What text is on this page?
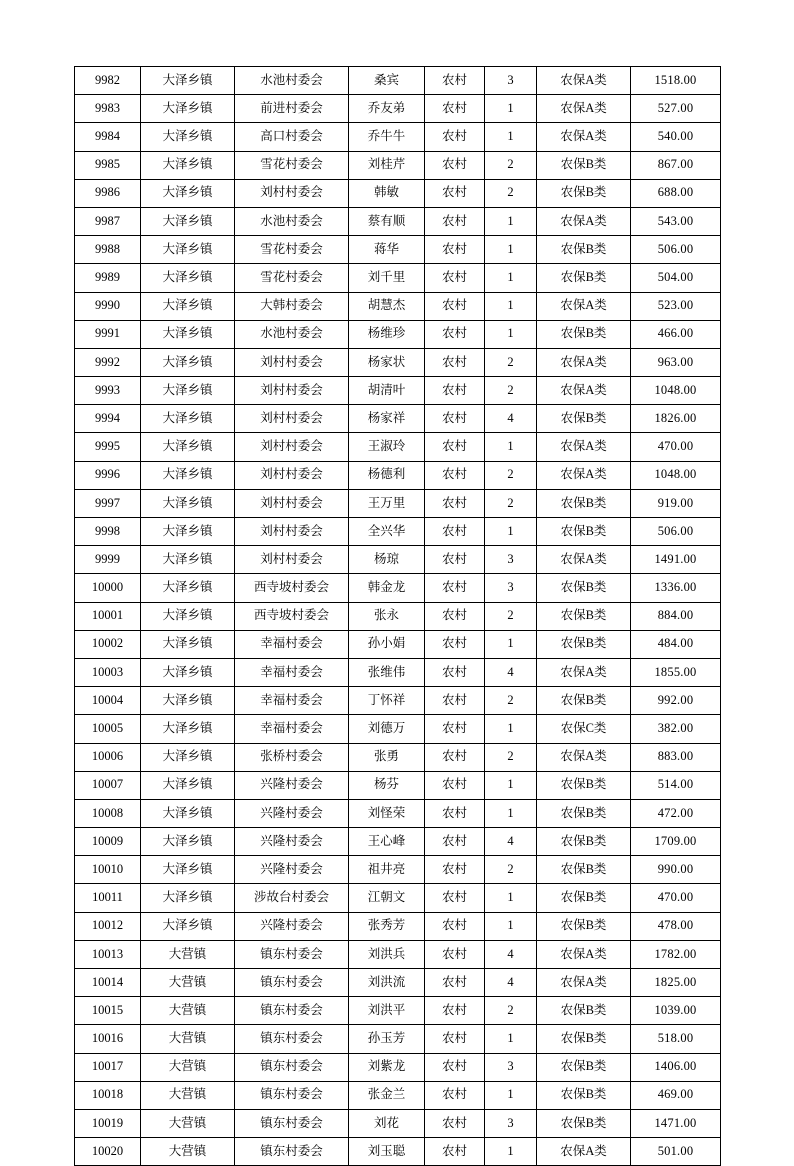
9982	大泽乡镇	水池村委会	桑宾	农村	3	农保A类	1518.00
9983	大泽乡镇	前进村委会	乔友弟	农村	1	农保A类	527.00
9984	大泽乡镇	高口村委会	乔牛牛	农村	1	农保A类	540.00
9985	大泽乡镇	雪花村委会	刘桂芹	农村	2	农保B类	867.00
9986	大泽乡镇	刘村村委会	韩敏	农村	2	农保B类	688.00
9987	大泽乡镇	水池村委会	蔡有顺	农村	1	农保A类	543.00
9988	大泽乡镇	雪花村委会	蒋华	农村	1	农保B类	506.00
9989	大泽乡镇	雪花村委会	刘千里	农村	1	农保B类	504.00
9990	大泽乡镇	大韩村委会	胡慧杰	农村	1	农保A类	523.00
9991	大泽乡镇	水池村委会	杨维珍	农村	1	农保B类	466.00
9992	大泽乡镇	刘村村委会	杨家状	农村	2	农保A类	963.00
9993	大泽乡镇	刘村村委会	胡清叶	农村	2	农保A类	1048.00
9994	大泽乡镇	刘村村委会	杨家祥	农村	4	农保B类	1826.00
9995	大泽乡镇	刘村村委会	王淑玲	农村	1	农保A类	470.00
9996	大泽乡镇	刘村村委会	杨德利	农村	2	农保A类	1048.00
9997	大泽乡镇	刘村村委会	王万里	农村	2	农保B类	919.00
9998	大泽乡镇	刘村村委会	全兴华	农村	1	农保B类	506.00
9999	大泽乡镇	刘村村委会	杨琼	农村	3	农保A类	1491.00
10000	大泽乡镇	西寺坡村委会	韩金龙	农村	3	农保B类	1336.00
10001	大泽乡镇	西寺坡村委会	张永	农村	2	农保B类	884.00
10002	大泽乡镇	幸福村委会	孙小娟	农村	1	农保B类	484.00
10003	大泽乡镇	幸福村委会	张维伟	农村	4	农保A类	1855.00
10004	大泽乡镇	幸福村委会	丁怀祥	农村	2	农保B类	992.00
10005	大泽乡镇	幸福村委会	刘德万	农村	1	农保C类	382.00
10006	大泽乡镇	张桥村委会	张勇	农村	2	农保A类	883.00
10007	大泽乡镇	兴隆村委会	杨芬	农村	1	农保B类	514.00
10008	大泽乡镇	兴隆村委会	刘怪荣	农村	1	农保B类	472.00
10009	大泽乡镇	兴隆村委会	王心峰	农村	4	农保B类	1709.00
10010	大泽乡镇	兴隆村委会	祖井亮	农村	2	农保B类	990.00
10011	大泽乡镇	涉故台村委会	江朝文	农村	1	农保B类	470.00
10012	大泽乡镇	兴隆村委会	张秀芳	农村	1	农保B类	478.00
10013	大营镇	镇东村委会	刘洪兵	农村	4	农保A类	1782.00
10014	大营镇	镇东村委会	刘洪流	农村	4	农保A类	1825.00
10015	大营镇	镇东村委会	刘洪平	农村	2	农保B类	1039.00
10016	大营镇	镇东村委会	孙玉芳	农村	1	农保B类	518.00
10017	大营镇	镇东村委会	刘紫龙	农村	3	农保B类	1406.00
10018	大营镇	镇东村委会	张金兰	农村	1	农保B类	469.00
10019	大营镇	镇东村委会	刘花	农村	3	农保B类	1471.00
10020	大营镇	镇东村委会	刘玉聪	农村	1	农保A类	501.00
